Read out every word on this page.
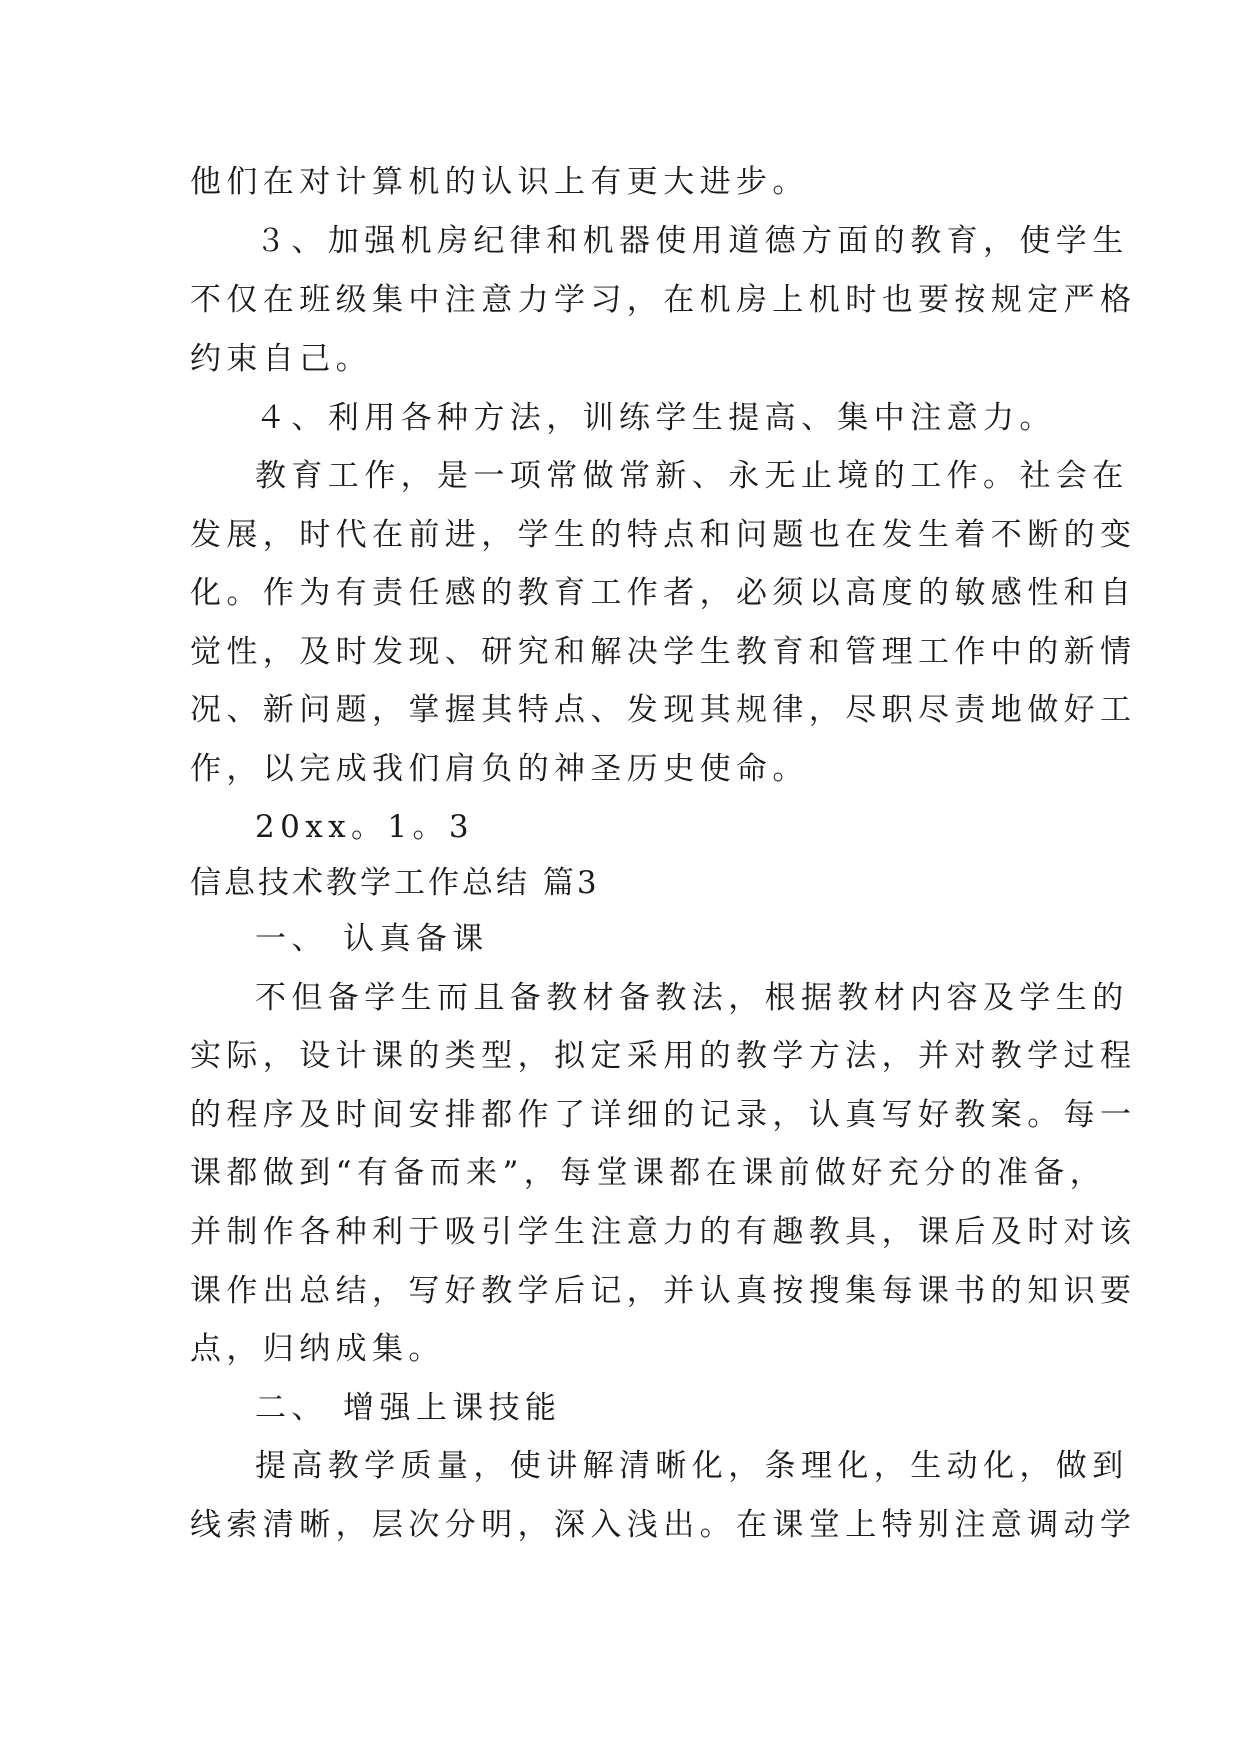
他们在对计算机的认识上有更大进步。

３、加强机房纪律和机器使用道德方面的教育，使学生

不仅在班级集中注意力学习，在机房上机时也要按规定严格

约束自己。

４、利用各种方法，训练学生提高、集中注意力。

教育工作，是一项常做常新、永无止境的工作。社会在

发展，时代在前进，学生的特点和问题也在发生着不断的变

化。作为有责任感的教育工作者，必须以高度的敏感性和自

觉性，及时发现、研究和解决学生教育和管理工作中的新情

况、新问题，掌握其特点、发现其规律，尽职尽责地做好工

作，以完成我们肩负的神圣历史使命。

20xx。1。3

信息技术教学工作总结 篇3

一、 认真备课

不但备学生而且备教材备教法，根据教材内容及学生的

实际，设计课的类型，拟定采用的教学方法，并对教学过程

的程序及时间安排都作了详细的记录，认真写好教案。每一

课都做到“有备而来”，每堂课都在课前做好充分的准备，

并制作各种利于吸引学生注意力的有趣教具，课后及时对该

课作出总结，写好教学后记，并认真按搜集每课书的知识要

点，归纳成集。

二、 增强上课技能

提高教学质量，使讲解清晰化，条理化，生动化，做到

线索清晰，层次分明，深入浅出。在课堂上特别注意调动学
